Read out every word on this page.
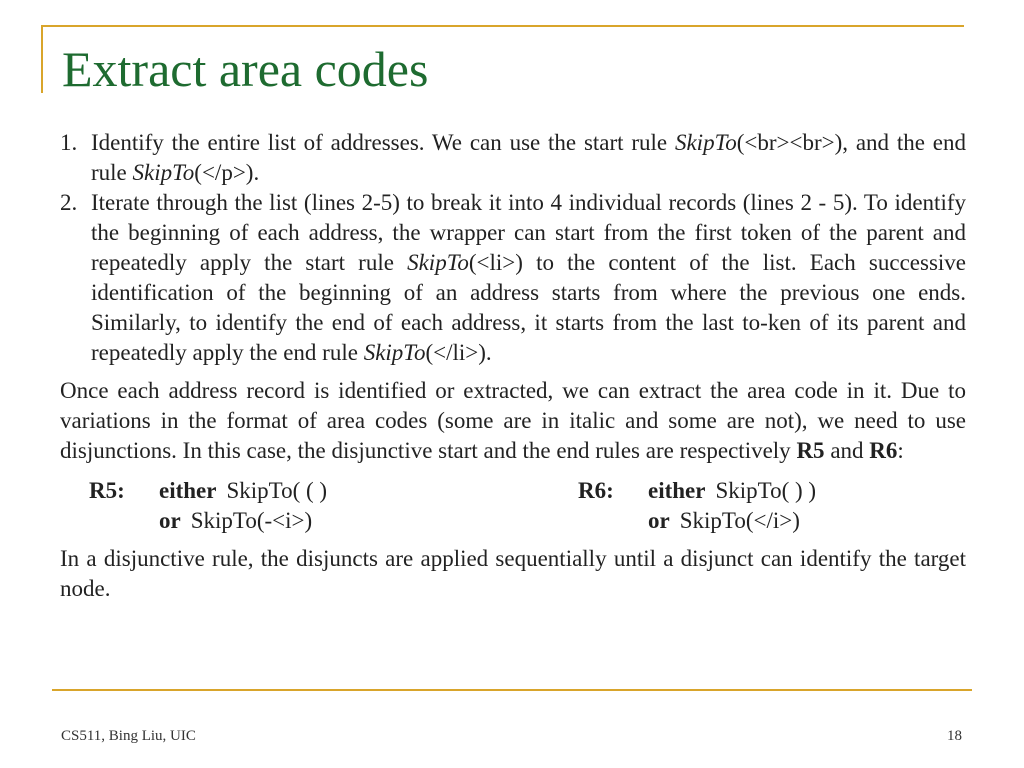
Extract area codes
1. Identify the entire list of addresses. We can use the start rule SkipTo(<br><br>), and the end rule SkipTo(</p>).
2. Iterate through the list (lines 2-5) to break it into 4 individual records (lines 2 - 5). To identify the beginning of each address, the wrapper can start from the first token of the parent and repeatedly apply the start rule SkipTo(<li>) to the content of the list. Each successive identification of the beginning of an address starts from where the previous one ends. Similarly, to identify the end of each address, it starts from the last to-ken of its parent and repeatedly apply the end rule SkipTo(</li>).

Once each address record is identified or extracted, we can extract the area code in it. Due to variations in the format of area codes (some are in italic and some are not), we need to use disjunctions. In this case, the disjunctive start and the end rules are respectively R5 and R6:

R5:	either SkipTo( ( )
or SkipTo(-<i>)
R6:	either SkipTo( ) )
or SkipTo(</i>)

In a disjunctive rule, the disjuncts are applied sequentially until a disjunct can identify the target node.

CS511, Bing Liu, UIC	18
